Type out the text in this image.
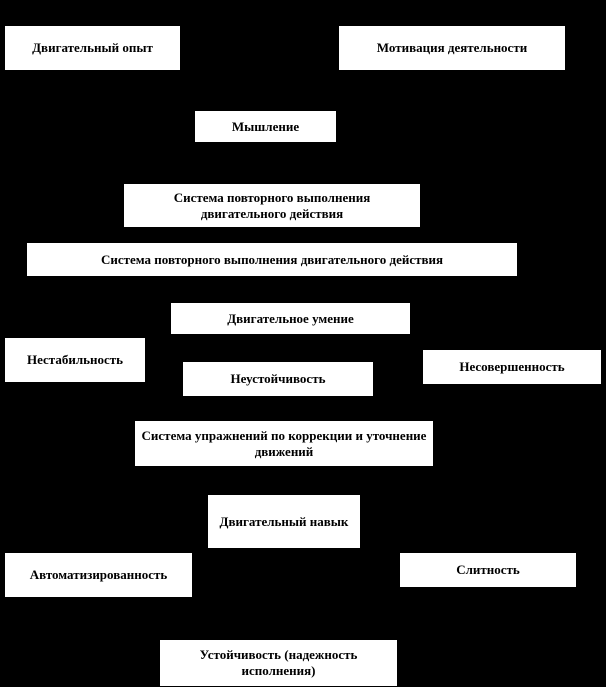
Двигательный опыт	Мотивация деятельности
Мышление
Система повторного выполнения двигательного действия
Система повторного выполнения двигательного действия
Двигательное умение
Нестабильность
Неустойчивость
Несовершенность
Система упражнений по коррекции и уточнение движений
Двигательный навык
Автоматизированность	Слитность
Устойчивость (надежность исполнения)
